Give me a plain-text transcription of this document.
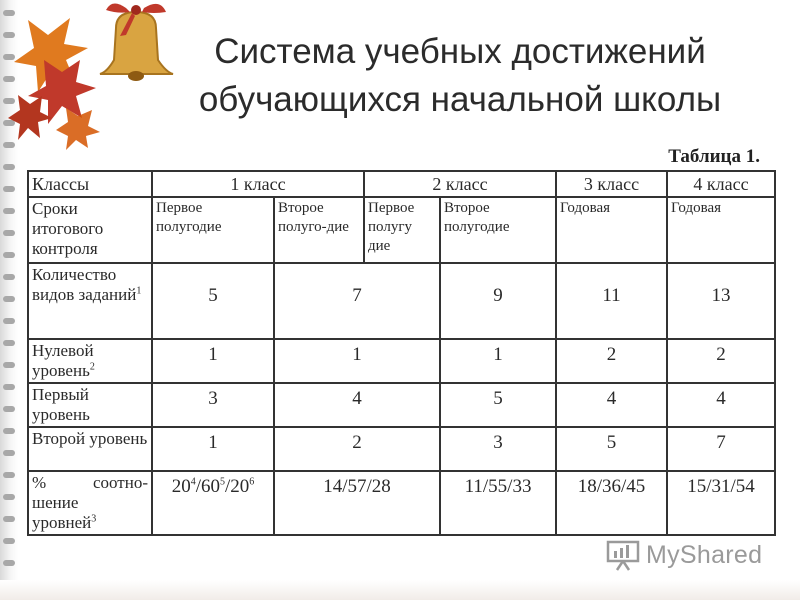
Система учебных достижений
обучающихся начальной школы
Таблица 1.
Классы	1 класс		2 класс		3 класс	4 класс
Сроки итогового контроля	Первое полугодие	Второе полуго-дие	Первое полугу дие	Второе полугодие	Годовая	Годовая
Количество видов заданий$^1$	5	7		9	11	13
Нулевой уровень$^2$	1	1		1	2	2
Первый уровень	3	4		5	4	4
Второй уровень	1	2		3	5	7

% соотно-
шение
уровней$^3$	$20^4/60^5/20^6$	14/57/28		11/55/33	18/36/45	15/31/54
MyShared
